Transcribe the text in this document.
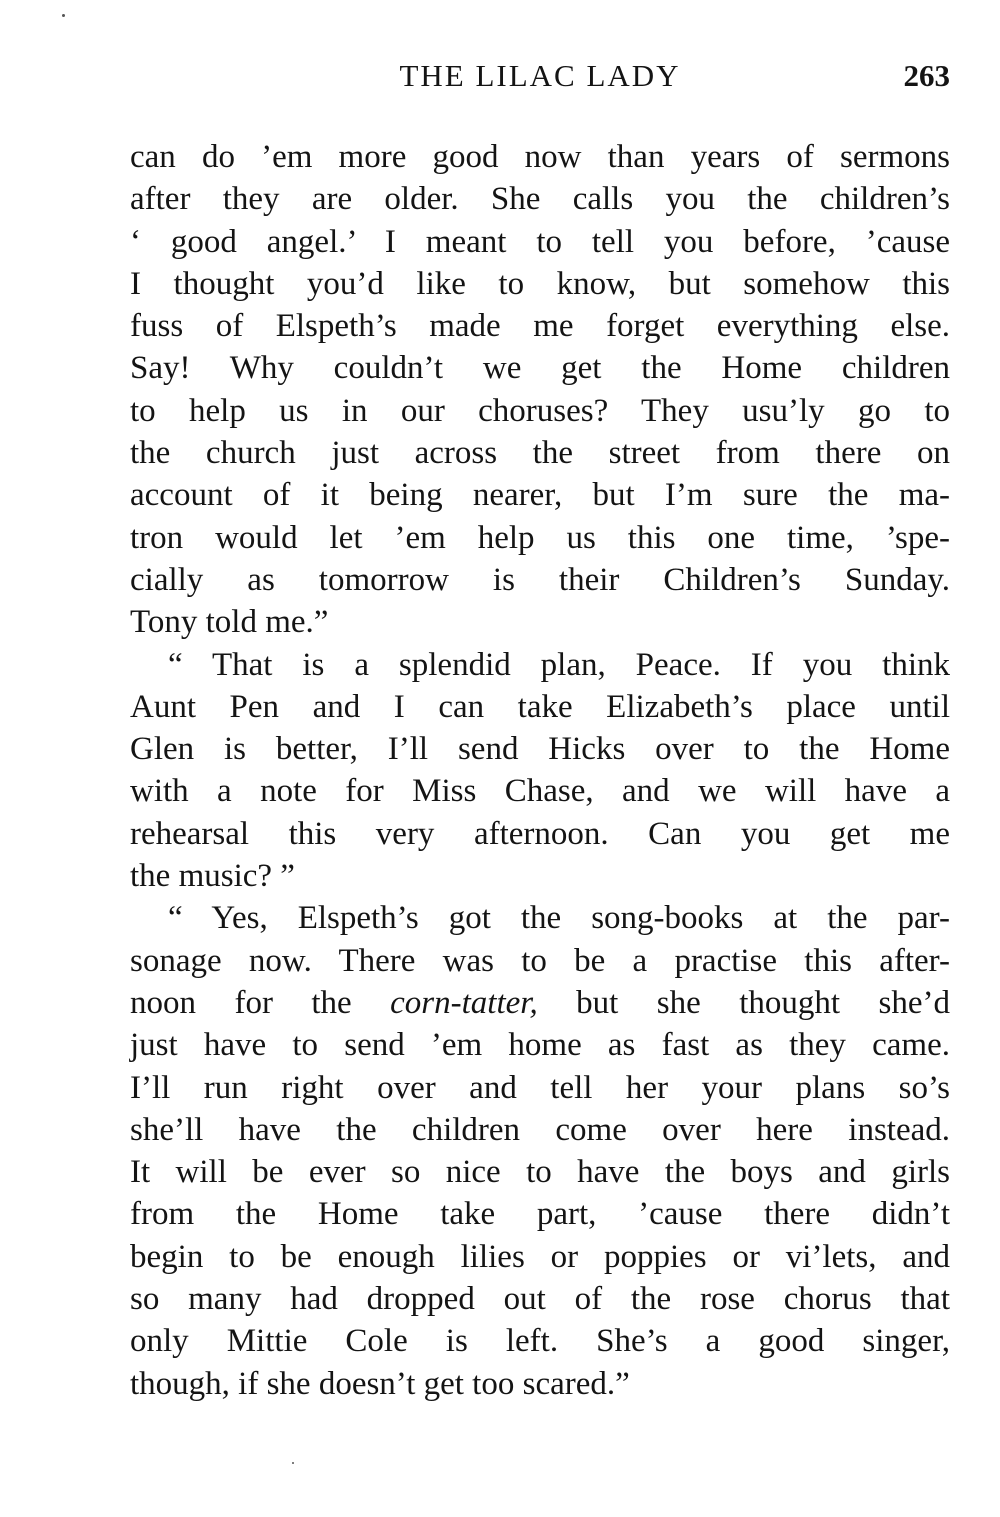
THE LILAC LADY	263
can do ’em more good now than years of sermons
after they are older. She calls you the children’s
‘ good angel.’ I meant to tell you before, ’cause
I thought you’d like to know, but somehow this
fuss of Elspeth’s made me forget everything else.
Say! Why couldn’t we get the Home children
to help us in our choruses? They usu’ly go to
the church just across the street from there on
account of it being nearer, but I’m sure the ma-
tron would let ’em help us this one time, ’spe-
cially as tomorrow is their Children’s Sunday.
Tony told me.”
“ That is a splendid plan, Peace. If you think
Aunt Pen and I can take Elizabeth’s place until
Glen is better, I’ll send Hicks over to the Home
with a note for Miss Chase, and we will have a
rehearsal this very afternoon. Can you get me
the music? ”
“ Yes, Elspeth’s got the song-books at the par-
sonage now. There was to be a practise this after-
noon for the corn-tatter, but she thought she’d
just have to send ’em home as fast as they came.
I’ll run right over and tell her your plans so’s
she’ll have the children come over here instead.
It will be ever so nice to have the boys and girls
from the Home take part, ’cause there didn’t
begin to be enough lilies or poppies or vi’lets, and
so many had dropped out of the rose chorus that
only Mittie Cole is left. She’s a good singer,
though, if she doesn’t get too scared.”
